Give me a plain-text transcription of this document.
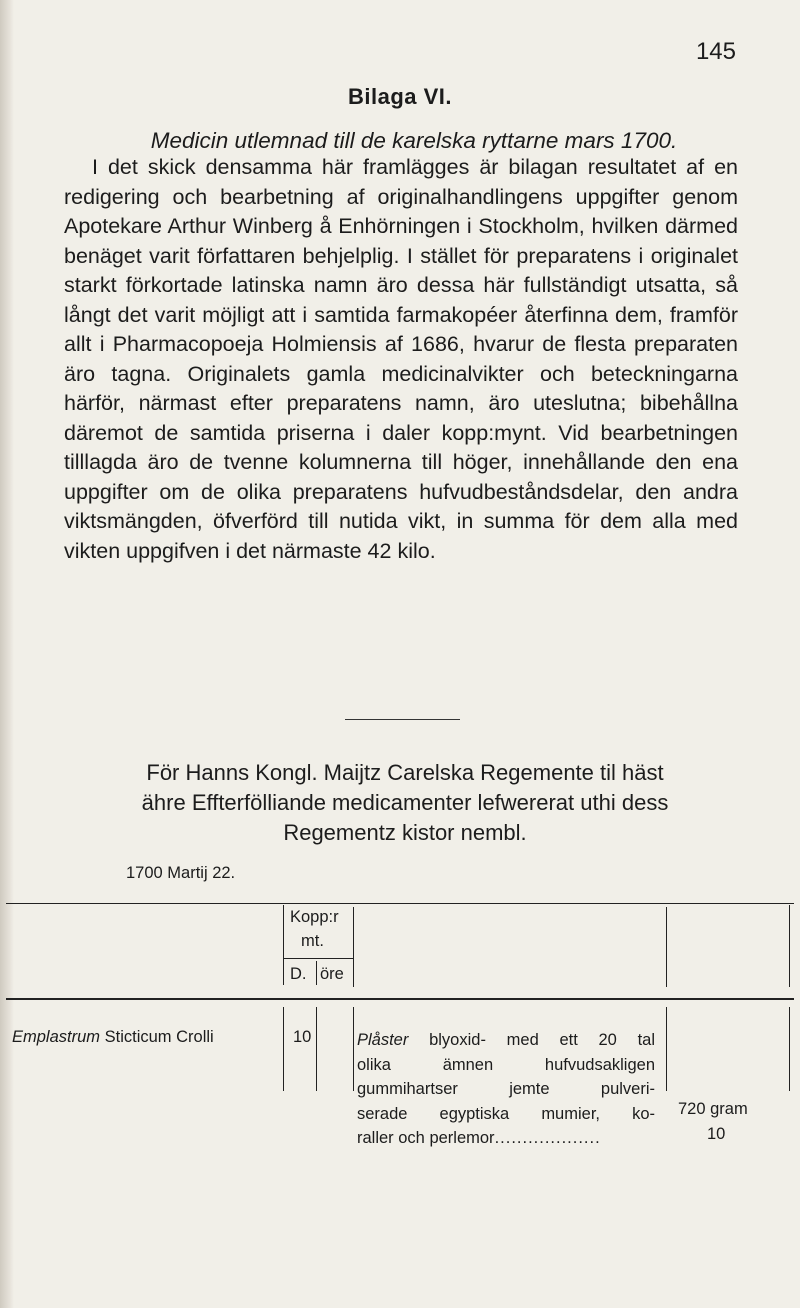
145
Bilaga VI.
Medicin utlemnad till de karelska ryttarne mars 1700.

I det skick densamma här framlägges är bilagan resultatet af en redigering och bearbetning af originalhandlingens uppgifter genom Apotekare Arthur Winberg å Enhörningen i Stockholm, hvilken därmed benäget varit författaren behjelplig. I stället för preparatens i originalet starkt förkortade latinska namn äro dessa här fullständigt utsatta, så långt det varit möjligt att i samtida farmakopéer återfinna dem, framför allt i Pharmacopoeja Holmiensis af 1686, hvarur de flesta preparaten äro tagna. Originalets gamla medicinalvikter och beteckningarna härför, närmast efter preparatens namn, äro uteslutna; bibehållna däremot de samtida priserna i daler kopp:mynt. Vid bearbetningen tilllagda äro de tvenne kolumnerna till höger, innehållande den ena uppgifter om de olika preparatens hufvudbeståndsdelar, den andra viktsmängden, öfverförd till nutida vikt, in summa för dem alla med vikten uppgifven i det närmaste 42 kilo.

För Hanns Kongl. Maijtz Carelska Regemente til häst
ähre Effterfölliande medicamenter lefwererat uthi dess
Regementz kistor nembl.

1700 Martij 22.
Kopp:r
mt.
D. öre
Emplastrum Sticticum Crolli	10
720 gram
10

Plåster blyoxid- med ett 20 tal
olika ämnen hufvudsakligen
gummihartser jemte pulveri-
serade egyptiska mumier, ko-
raller och perlemor...................
